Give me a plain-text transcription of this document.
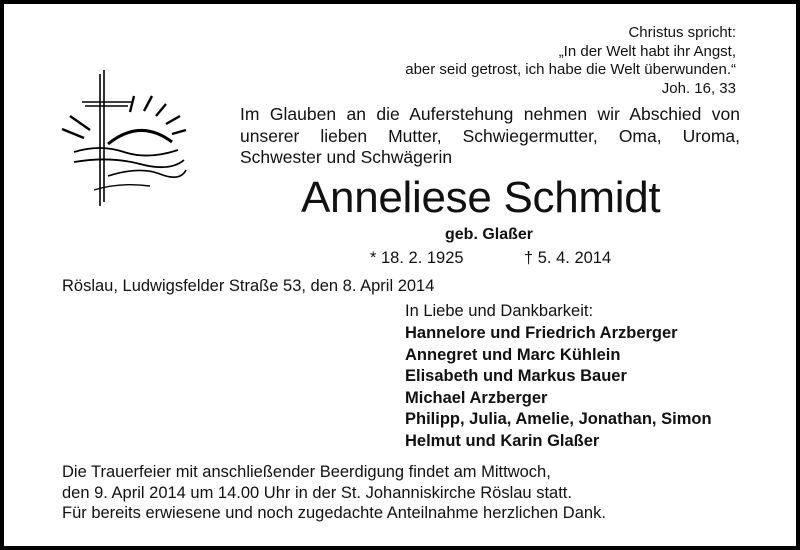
Christus spricht:
„In der Welt habt ihr Angst,
aber seid getrost, ich habe die Welt überwunden.“
Joh. 16, 33
Im Glauben an die Auferstehung nehmen wir Abschied von
unserer lieben Mutter, Schwiegermutter, Oma, Uroma,
Schwester und Schwägerin
Anneliese Schmidt
geb. Glaßer
* 18. 2. 1925	† 5. 4. 2014
Röslau, Ludwigsfelder Straße 53, den 8. April 2014
In Liebe und Dankbarkeit:
Hannelore und Friedrich Arzberger
Annegret und Marc Kühlein
Elisabeth und Markus Bauer
Michael Arzberger
Philipp, Julia, Amelie, Jonathan, Simon
Helmut und Karin Glaßer
Die Trauerfeier mit anschließender Beerdigung findet am Mittwoch,
den 9. April 2014 um 14.00 Uhr in der St. Johanniskirche Röslau statt.
Für bereits erwiesene und noch zugedachte Anteilnahme herzlichen Dank.
